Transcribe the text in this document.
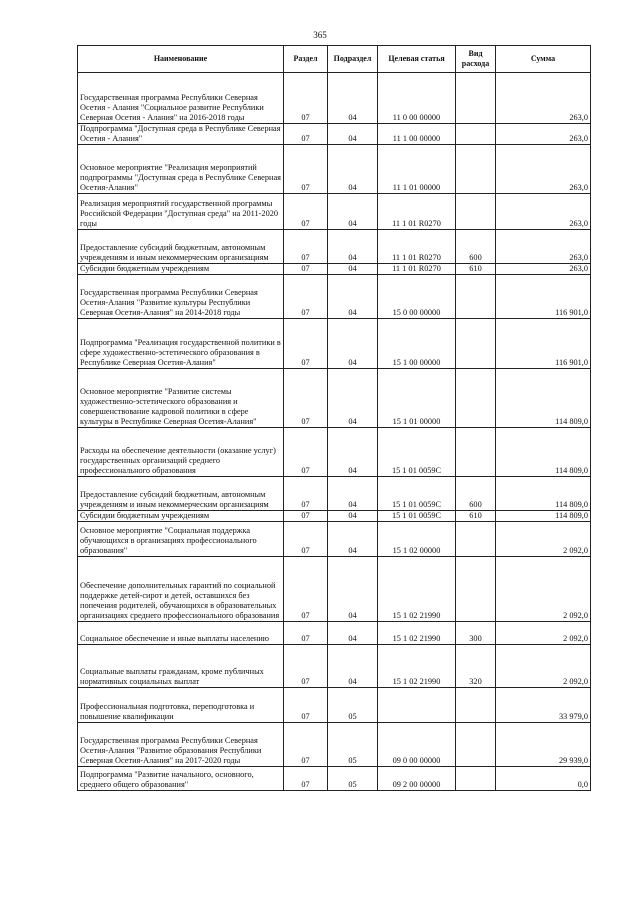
365
Наименование	Раздел	Подраздел	Целевая статья	Вид расхода	Сумма
Государственная программа Республики Северная Осетия - Алания "Социальное развитие Республики Северная Осетия - Алания" на 2016-2018 годы	07	04	11 0 00 00000		263,0
Подпрограмма "Доступная среда в Республике Северная Осетия - Алания"	07	04	11 1 00 00000		263,0
Основное мероприятие "Реализация мероприятий подпрограммы "Доступная среда в Республике Северная Осетия-Алания"	07	04	11 1 01 00000		263,0
Реализация мероприятий государственной программы Российской Федерации "Доступная среда" на 2011-2020 годы	07	04	11 1 01 R0270		263,0
Предоставление субсидий бюджетным, автономным учреждениям и иным некоммерческим организациям	07	04	11 1 01 R0270	600	263,0
Субсидии бюджетным учреждениям	07	04	11 1 01 R0270	610	263,0
Государственная программа Республики Северная Осетия-Алания "Развитие культуры Республики Северная Осетия-Алания" на 2014-2018 годы	07	04	15 0 00 00000		116 901,0
Подпрограмма "Реализация государственной политики в сфере художественно-эстетического образования в Республике Северная Осетия-Алания"	07	04	15 1 00 00000		116 901,0
Основное мероприятие "Развитие системы художественно-эстетического образования и совершенствование кадровой политики в сфере культуры в Республике Северная Осетия-Алания"	07	04	15 1 01 00000		114 809,0
Расходы на обеспечение деятельности (оказание услуг) государственных организаций среднего профессионального образования	07	04	15 1 01 0059С		114 809,0
Предоставление субсидий бюджетным, автономным учреждениям и иным некоммерческим организациям	07	04	15 1 01 0059С	600	114 809,0
Субсидии бюджетным учреждениям	07	04	15 1 01 0059С	610	114 809,0
Основное мероприятие "Социальная поддержка обучающихся в организациях профессионального образования"	07	04	15 1 02 00000		2 092,0
Обеспечение дополнительных гарантий по социальной поддержке детей-сирот и детей, оставшихся без попечения родителей, обучающихся в образовательных организациях среднего профессионального образования	07	04	15 1 02 21990		2 092,0
Социальное обеспечение и иные выплаты населению	07	04	15 1 02 21990	300	2 092,0
Социальные выплаты гражданам, кроме публичных нормативных социальных выплат	07	04	15 1 02 21990	320	2 092,0
Профессиональная подготовка, переподготовка и повышение квалификации	07	05			33 979,0
Государственная программа Республики Северная Осетия-Алания "Развитие образования Республики Северная Осетия-Алания" на 2017-2020 годы	07	05	09 0 00 00000		29 939,0
Подпрограмма "Развитие начального, основного, среднего общего образования"	07	05	09 2 00 00000		0,0
